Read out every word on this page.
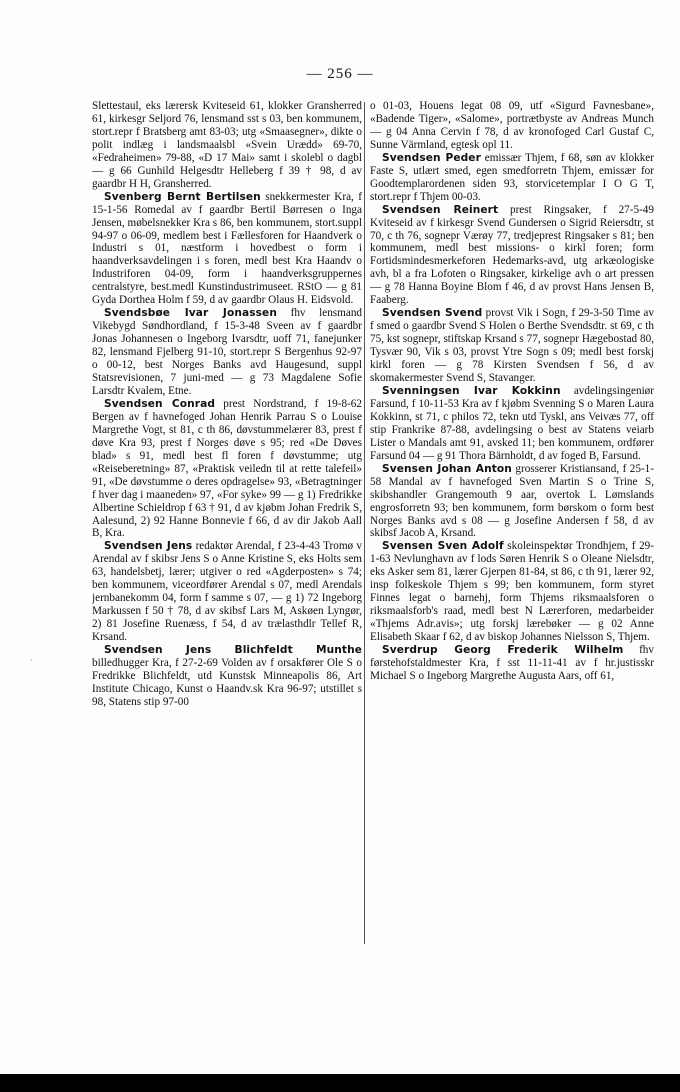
— 256 —

Slettestaul, eks lærersk Kviteseid 61, klokker Gransherred 61, kirkesgr Seljord 76, lensmand sst s 03, ben kommunem, stort.repr f Bratsberg amt 83-03; utg «Smaasegner», dikte o polit indlæg i landsmaalsbl «Svein Urædd» 69-70, «Fedraheimen» 79-88, «D 17 Mai» samt i skolebl o dagbl — g 66 Gunhild Helgesdtr Helleberg f 39 † 98, d av gaardbr H H, Gransherred.

Svenberg Bernt Bertilsen snekkermester Kra, f 15-1-56 Romedal av f gaardbr Bertil Børresen o Inga Jensen, møbelsnekker Kra s 86, ben kommunem, stort.suppl 94-97 o 06-09, medlem best i Fællesforen for Haandverk o Industri s 01, næstform i hovedbest o form i haandverksavdelingen i s foren, medl best Kra Haandv o Industriforen 04-09, form i haandverksgruppernes centralstyre, best.medl Kunstindustrimuseet. RStO — g 81 Gyda Dorthea Holm f 59, d av gaardbr Olaus H. Eidsvold.

Svendsbøe Ivar Jonassen fhv lensmand Vikebygd Søndhordland, f 15-3-48 Sveen av f gaardbr Jonas Johannesen o Ingeborg Ivarsdtr, uoff 71, fanejunker 82, lensmand Fjelberg 91-10, stort.repr S Bergenhus 92-97 o 00-12, best Norges Banks avd Haugesund, suppl Statsrevisionen, 7 juni-med — g 73 Magdalene Sofie Larsdtr Kvalem, Etne.

Svendsen Conrad prest Nordstrand, f 19-8-62 Bergen av f havnefoged Johan Henrik Parrau S o Louise Margrethe Vogt, st 81, c th 86, døvstummelærer 83, prest f døve Kra 93, prest f Norges døve s 95; red «De Døves blad» s 91, medl best fl foren f døvstumme; utg «Reiseberetning» 87, «Praktisk veiledn til at rette talefeil» 91, «De døvstumme o deres opdragelse» 93, «Betragtninger f hver dag i maaneden» 97, «For syke» 99 — g 1) Fredrikke Albertine Schieldrop f 63 † 91, d av kjøbm Johan Fredrik S, Aalesund, 2) 92 Hanne Bonnevie f 66, d av dir Jakob Aall B, Kra.

Svendsen Jens redaktør Arendal, f 23-4-43 Tromø v Arendal av f skibsr Jens S o Anne Kristine S, eks Holts sem 63, handelsbetj, lærer; utgiver o red «Agderposten» s 74; ben kommunem, viceordfører Arendal s 07, medl Arendals jernbanekomm 04, form f samme s 07, — g 1) 72 Ingeborg Markussen f 50 † 78, d av skibsf Lars M, Askøen Lyngør, 2) 81 Josefine Ruenæss, f 54, d av trælasthdlr Tellef R, Krsand.

Svendsen Jens Blichfeldt Munthe billedhugger Kra, f 27-2-69 Volden av f orsakfører Ole S o Fredrikke Blichfeldt, utd Kunstsk Minneapolis 86, Art Institute Chicago, Kunst o Haandv.sk Kra 96-97; utstillet s 98, Statens stip 97-00

o 01-03, Houens legat 08 09, utf «Sigurd Favnesbane», «Badende Tiger», «Salome», portrætbyste av Andreas Munch — g 04 Anna Cervin f 78, d av kronofoged Carl Gustaf C, Sunne Värmland, egtesk opl 11.

Svendsen Peder emissær Thjem, f 68, søn av klokker Faste S, utlært smed, egen smedforretn Thjem, emissær for Goodtemplarordenen siden 93, storvicetemplar I O G T, stort.repr f Thjem 00-03.

Svendsen Reinert prest Ringsaker, f 27-5-49 Kviteseid av f kirkesgr Svend Gundersen o Sigrid Reiersdtr, st 70, c th 76, sognepr Værøy 77, tredjeprest Ringsaker s 81; ben kommunem, medl best missions- o kirkl foren; form Fortidsmindesmerkeforen Hedemarks-avd, utg arkæologiske avh, bl a fra Lofoten o Ringsaker, kirkelige avh o art pressen — g 78 Hanna Boyine Blom f 46, d av provst Hans Jensen B, Faaberg.

Svendsen Svend provst Vik i Sogn, f 29-3-50 Time av f smed o gaardbr Svend S Holen o Berthe Svendsdtr. st 69, c th 75, kst sognepr, stiftskap Krsand s 77, sognepr Hægebostad 80, Tysvær 90, Vik s 03, provst Ytre Sogn s 09; medl best forskj kirkl foren — g 78 Kirsten Svendsen f 56, d av skomakermester Svend S, Stavanger.

Svenningsen Ivar Kokkinn avdelingsingeniør Farsund, f 10-11-53 Kra av f kjøbm Svenning S o Maren Laura Kokkinn, st 71, c philos 72, tekn utd Tyskl, ans Veivæs 77, off stip Frankrike 87-88, avdelingsing o best av Statens veiarb Lister o Mandals amt 91, avsked 11; ben kommunem, ordfører Farsund 04 — g 91 Thora Bärnholdt, d av foged B, Farsund.

Svensen Johan Anton grosserer Kristiansand, f 25-1-58 Mandal av f havnefoged Sven Martin S o Trine S, skibshandler Grangemouth 9 aar, overtok L Lømslands engrosforretn 93; ben kommunem, form børskom o form best Norges Banks avd s 08 — g Josefine Andersen f 58, d av skibsf Jacob A, Krsand.

Svensen Sven Adolf skoleinspektør Trondhjem, f 29-1-63 Nevlunghavn av f lods Søren Henrik S o Oleane Nielsdtr, eks Asker sem 81, lærer Gjerpen 81-84, st 86, c th 91, lærer 92, insp folkeskole Thjem s 99; ben kommunem, form styret Finnes legat o barnehj, form Thjems riksmaalsforen o riksmaalsforb's raad, medl best N Lærerforen, medarbeider «Thjems Adr.avis»; utg forskj lærebøker — g 02 Anne Elisabeth Skaar f 62, d av biskop Johannes Nielsson S, Thjem.

Sverdrup Georg Frederik Wilhelm fhv førstehofstaldmester Kra, f sst 11-11-41 av f hr.justisskr Michael S o Ingeborg Margrethe Augusta Aars, off 61,

·
